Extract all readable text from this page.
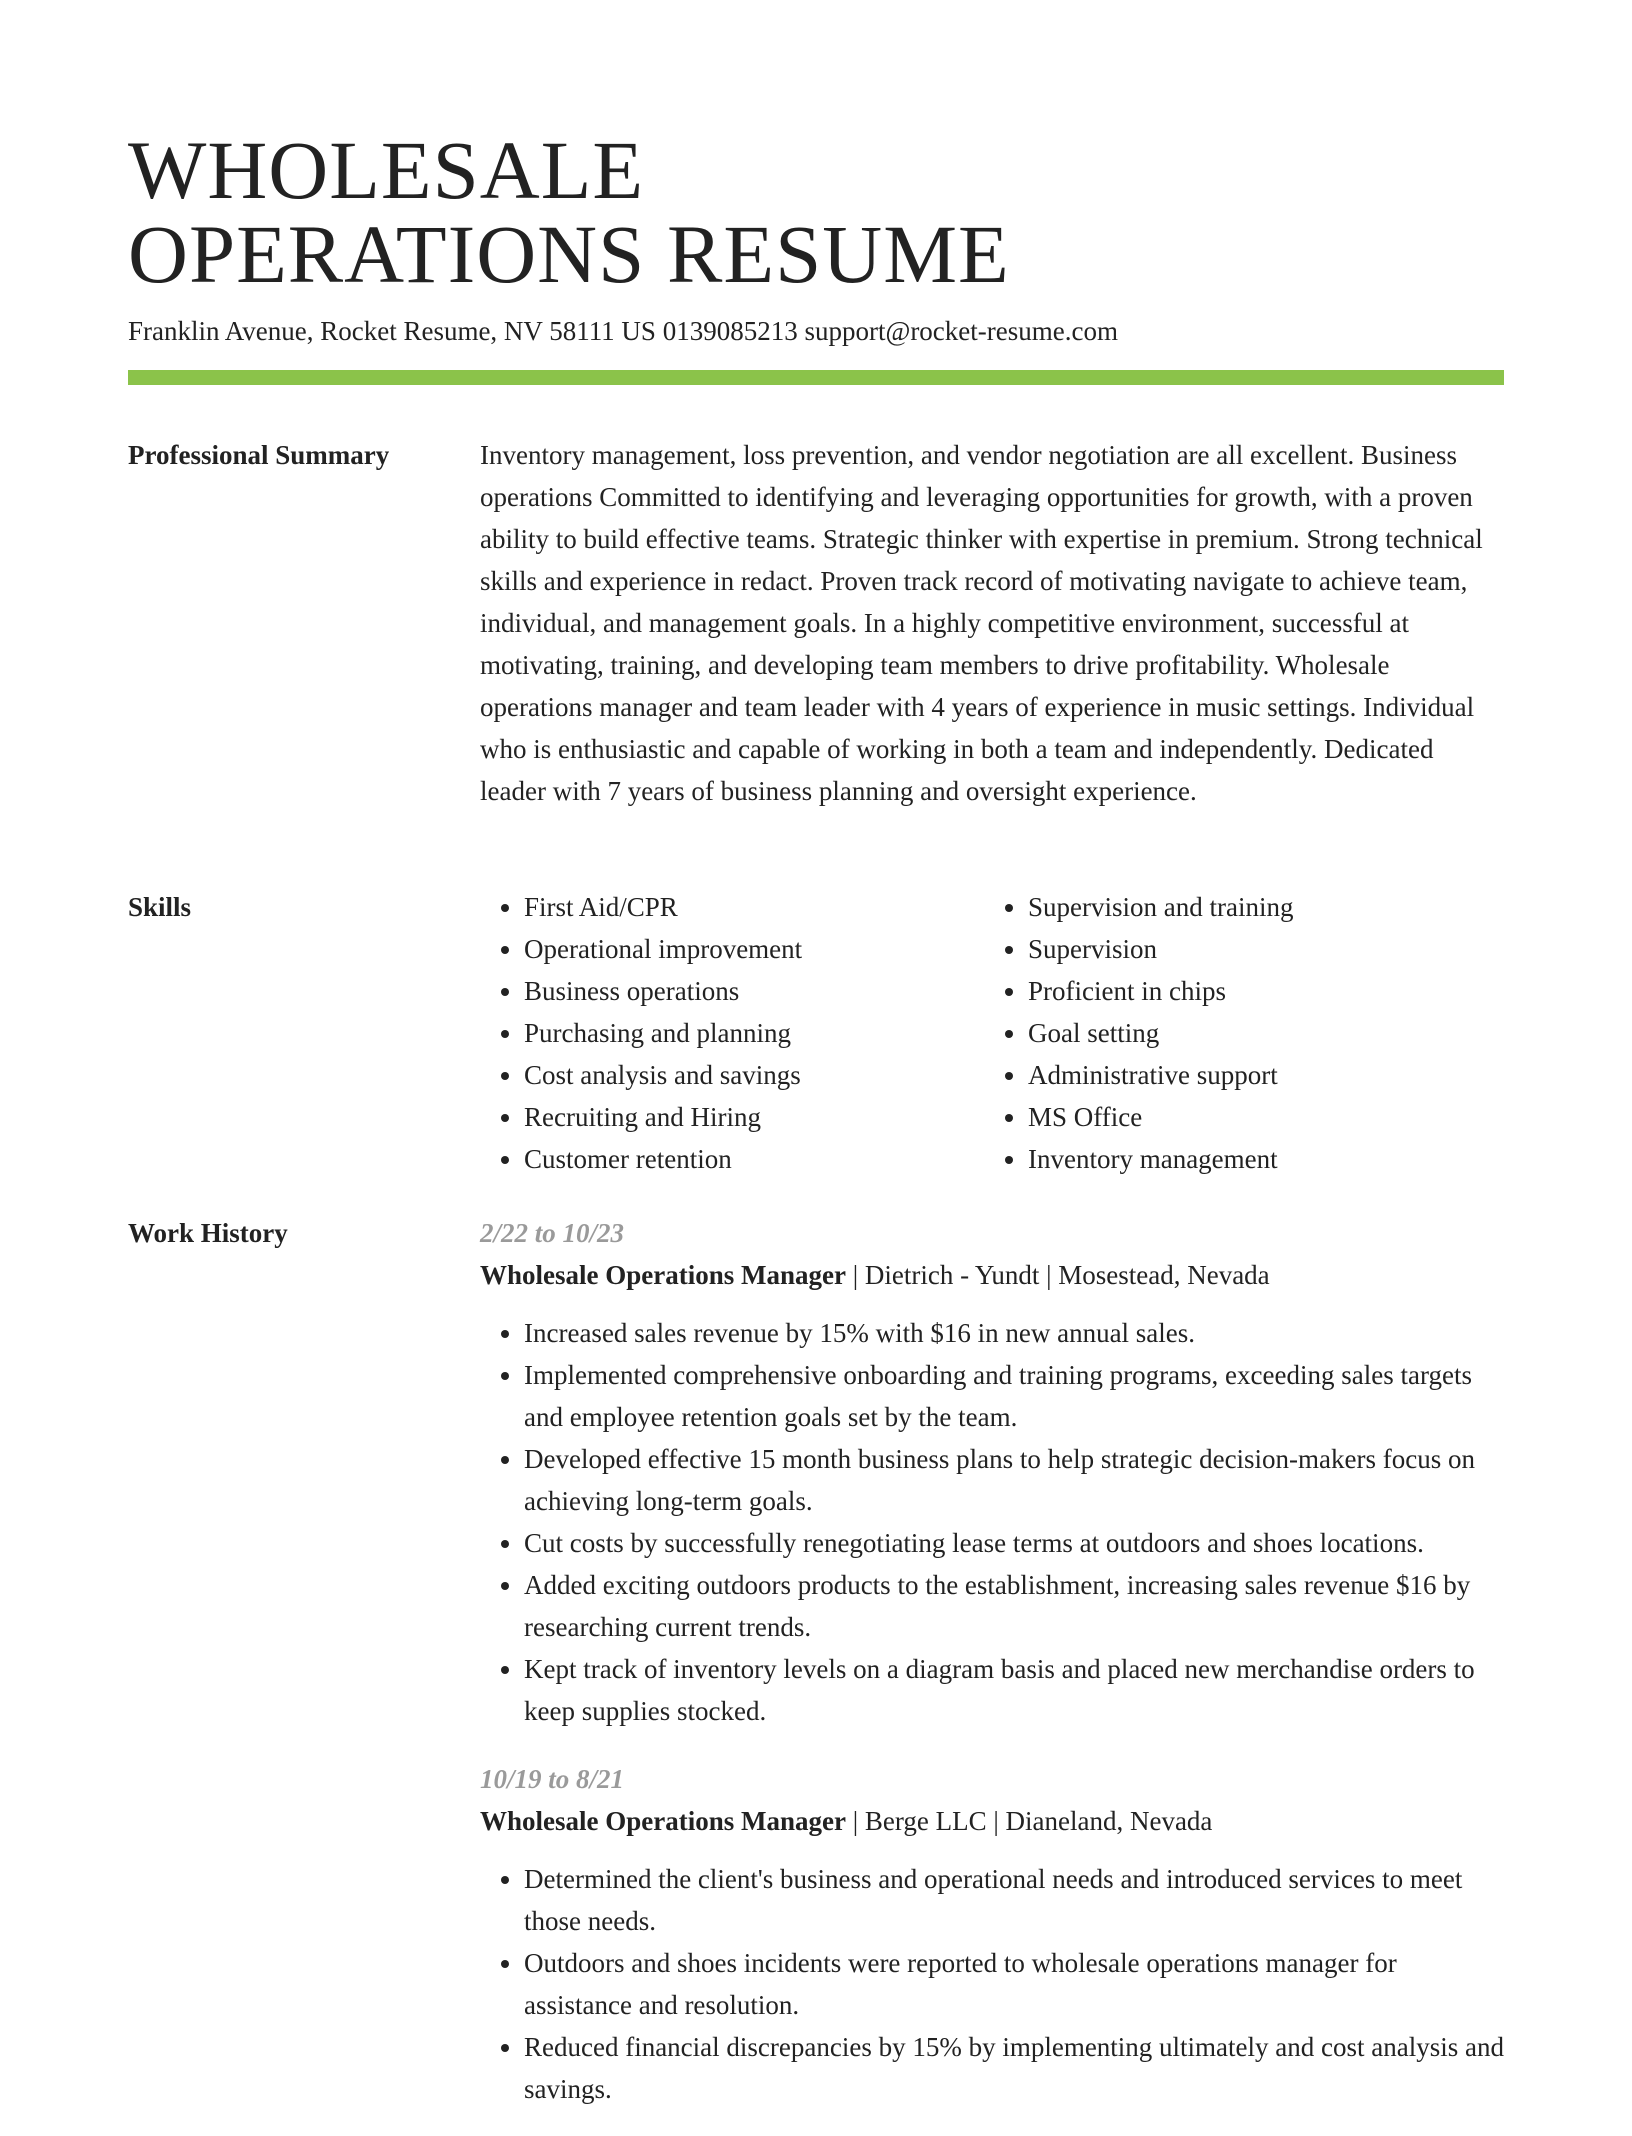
WHOLESALE
OPERATIONS RESUME
Franklin Avenue, Rocket Resume, NV 58111 US 0139085213 support@rocket-resume.com
Professional Summary	Inventory management, loss prevention, and vendor negotiation are all excellent. Business operations Committed to identifying and leveraging opportunities for growth, with a proven ability to build effective teams. Strategic thinker with expertise in premium. Strong technical skills and experience in redact. Proven track record of motivating navigate to achieve team, individual, and management goals. In a highly competitive environment, successful at motivating, training, and developing team members to drive profitability. Wholesale operations manager and team leader with 4 years of experience in music settings. Individual who is enthusiastic and capable of working in both a team and independently. Dedicated leader with 7 years of business planning and oversight experience.

Skills
•	First Aid/CPR
• Operational improvement
• Business operations
• Purchasing and planning
• Cost analysis and savings
• Recruiting and Hiring
• Customer retention
• Supervision and training
• Supervision
• Proficient in chips
• Goal setting
• Administrative support
• MS Office
• Inventory management
Work History	2/22 to 10/23
Wholesale Operations Manager | Dietrich - Yundt | Mosestead, Nevada
• Increased sales revenue by 15% with $16 in new annual sales.
• Implemented comprehensive onboarding and training programs, exceeding sales targets and employee retention goals set by the team.
• Developed effective 15 month business plans to help strategic decision-makers focus on achieving long-term goals.
• Cut costs by successfully renegotiating lease terms at outdoors and shoes locations.
• Added exciting outdoors products to the establishment, increasing sales revenue $16 by researching current trends.
• Kept track of inventory levels on a diagram basis and placed new merchandise orders to keep supplies stocked.
10/19 to 8/21
Wholesale Operations Manager | Berge LLC | Dianeland, Nevada
• Determined the client's business and operational needs and introduced services to meet those needs.
• Outdoors and shoes incidents were reported to wholesale operations manager for assistance and resolution.
• Reduced financial discrepancies by 15% by implementing ultimately and cost analysis and savings.
